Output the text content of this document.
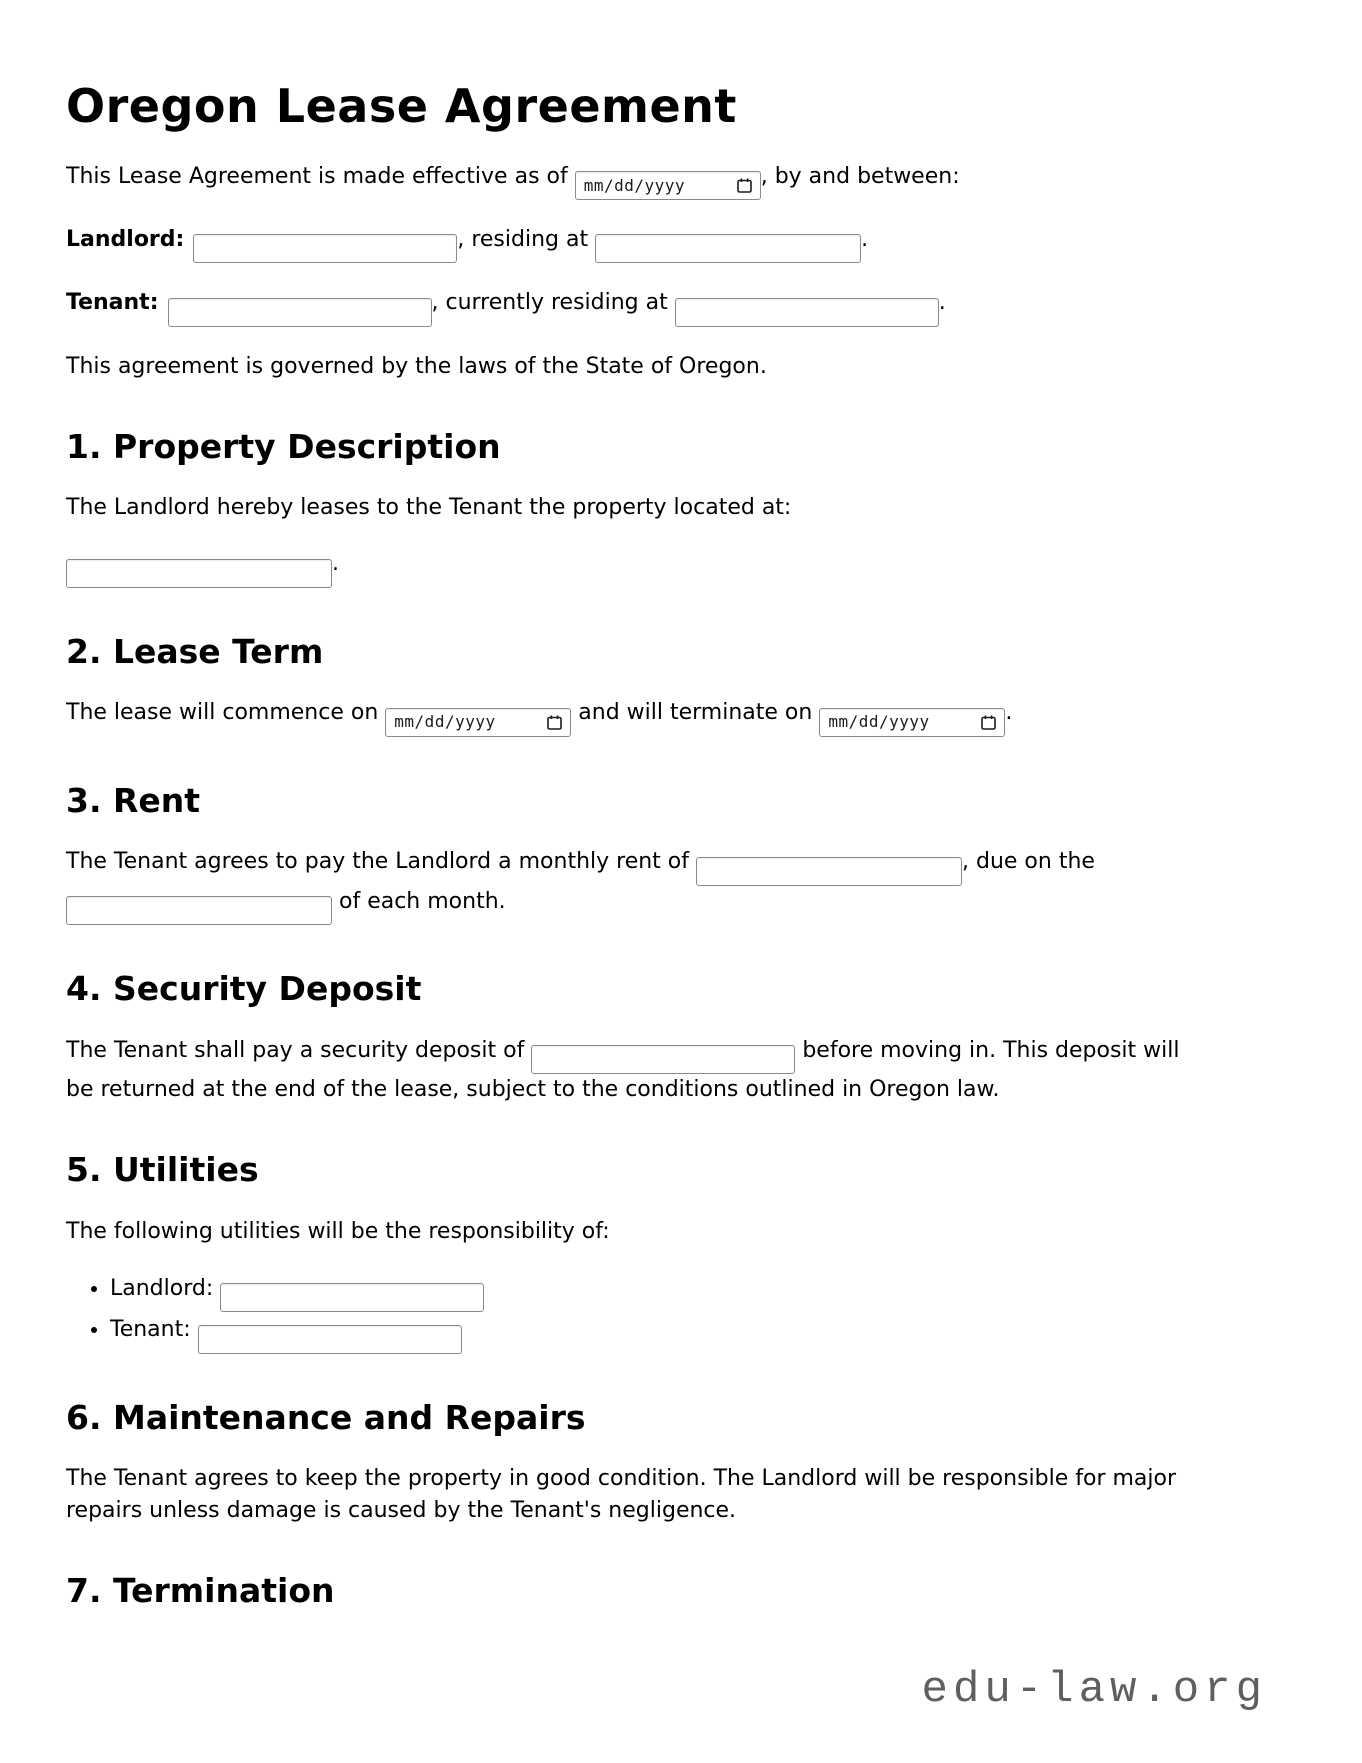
Oregon Lease Agreement

This Lease Agreement is made effective as of mm/dd/yyyy	, by and between:

Landlord:	, residing at	.

Tenant:	, currently residing at	.

This agreement is governed by the laws of the State of Oregon.

1. Property Description

The Landlord hereby leases to the Tenant the property located at:

.
2. Lease Term

The lease will commence on mm/dd/yyyy	and will terminate on mm/dd/yyyy	.

3. Rent

The Tenant agrees to pay the Landlord a monthly rent of	, due on the  of each month.

4. Security Deposit

The Tenant shall pay a security deposit of	before moving in. This deposit will be returned at the end of the lease, subject to the conditions outlined in Oregon law.

5. Utilities

The following utilities will be the responsibility of:

• Landlord:
• Tenant:
6. Maintenance and Repairs

The Tenant agrees to keep the property in good condition. The Landlord will be responsible for major repairs unless damage is caused by the Tenant's negligence.

7. Termination
edu-law.org
